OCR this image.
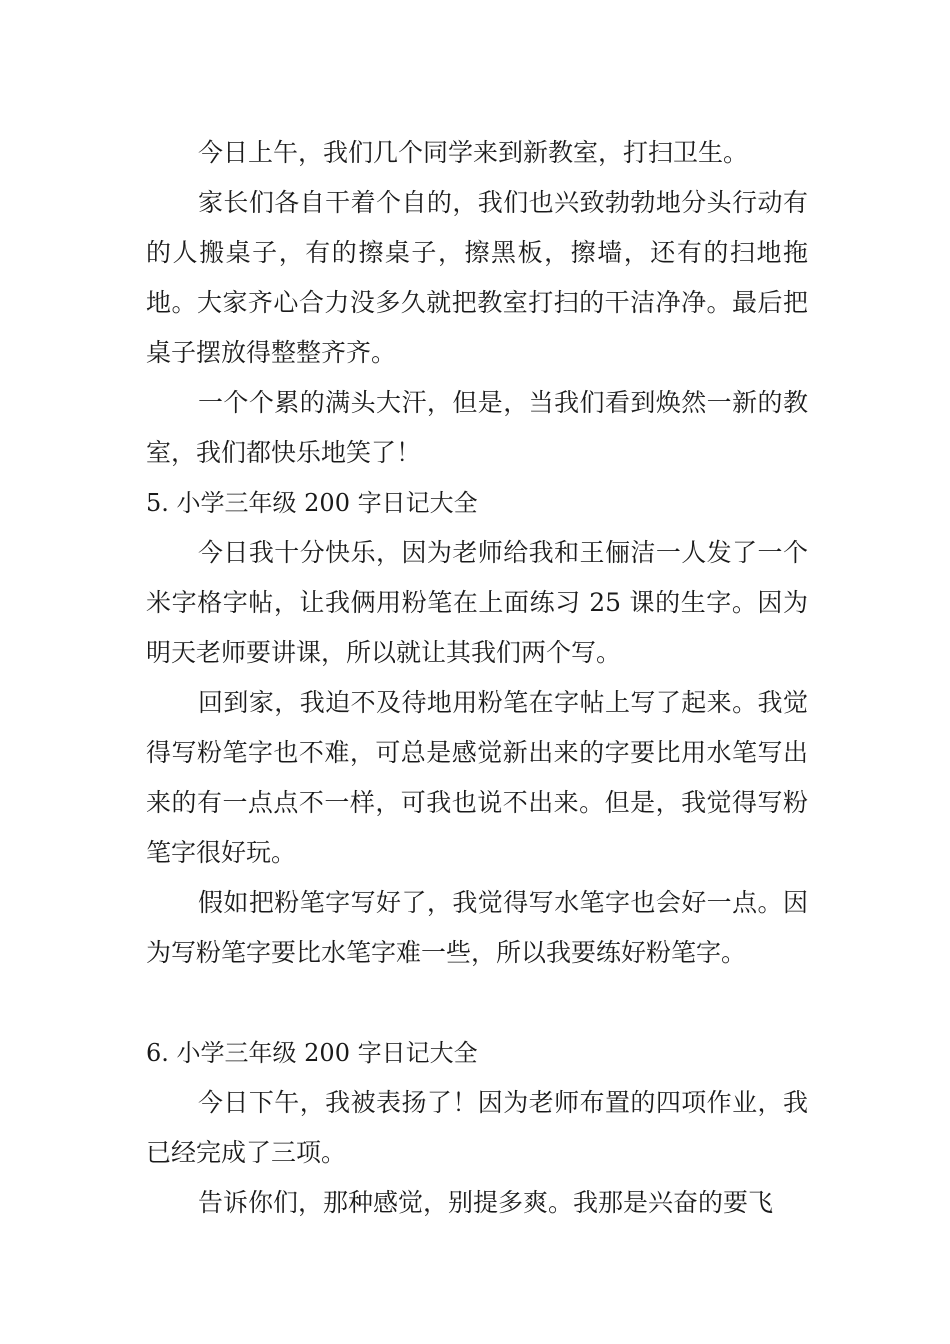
今日上午，我们几个同学来到新教室，打扫卫生。

家长们各自干着个自的，我们也兴致勃勃地分头行动有的人搬桌子，有的擦桌子，擦黑板，擦墙，还有的扫地拖地。大家齐心合力没多久就把教室打扫的干洁净净。最后把桌子摆放得整整齐齐。

一个个累的满头大汗，但是，当我们看到焕然一新的教室，我们都快乐地笑了！

5. 小学三年级 200 字日记大全

今日我十分快乐，因为老师给我和王俪洁一人发了一个米字格字帖，让我俩用粉笔在上面练习 25 课的生字。因为明天老师要讲课，所以就让其我们两个写。

回到家，我迫不及待地用粉笔在字帖上写了起来。我觉得写粉笔字也不难，可总是感觉新出来的字要比用水笔写出来的有一点点不一样，可我也说不出来。但是，我觉得写粉笔字很好玩。

假如把粉笔字写好了，我觉得写水笔字也会好一点。因为写粉笔字要比水笔字难一些，所以我要练好粉笔字。

6. 小学三年级 200 字日记大全

今日下午，我被表扬了！因为老师布置的四项作业，我已经完成了三项。

告诉你们，那种感觉，别提多爽。我那是兴奋的要飞
